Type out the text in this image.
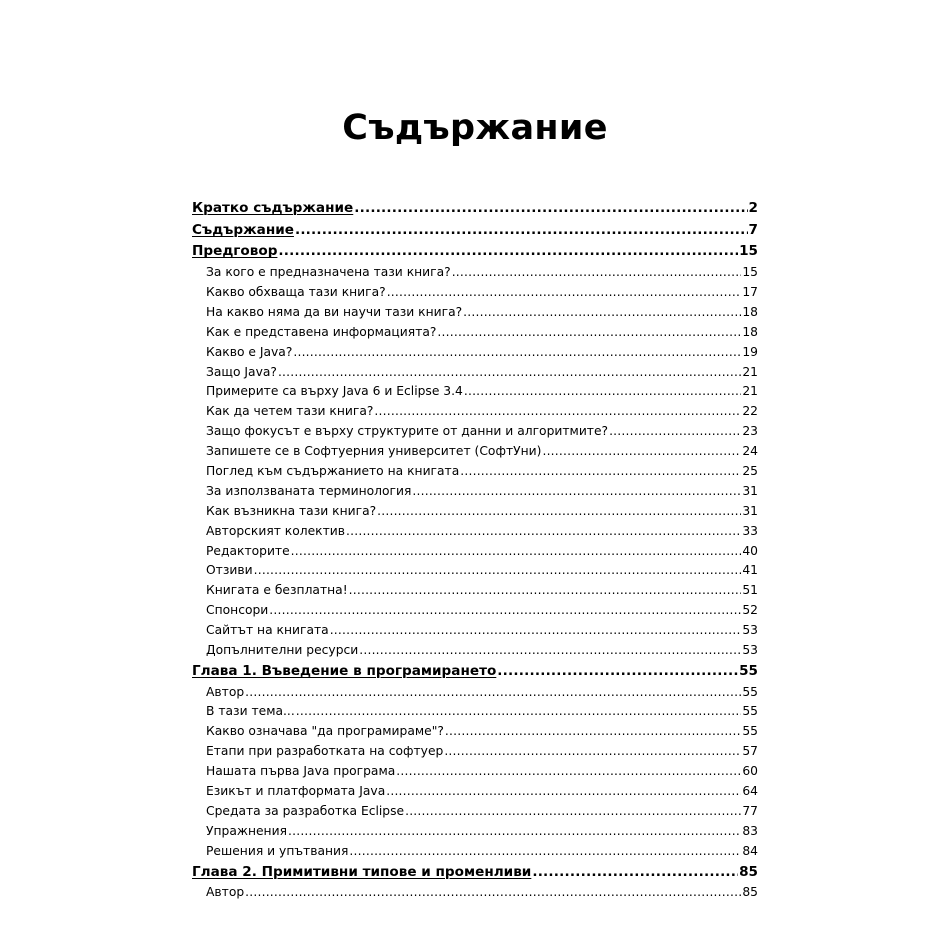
Съдържание
Кратко съдържание .....	2
Съдържание .....	7
Предговор .....	15
За кого е предназначена тази книга? .....	15
Какво обхваща тази книга? .....	17
На какво няма да ви научи тази книга? .....	18
Как е представена информацията? .....	18
Какво е Java? .....	19
Защо Java? .....	21
Примерите са върху Java 6 и Eclipse 3.4 .....	21
Как да четем тази книга? .....	22
Защо фокусът е върху структурите от данни и алгоритмите? .....	23
Запишете се в Софтуерния университет (СофтУни) .....	24
Поглед към съдържанието на книгата .....	25
За използваната терминология .....	31
Как възникна тази книга? .....	31
Авторският колектив .....	33
Редакторите .....	40
Отзиви .....	41
Книгата е безплатна! .....	51
Спонсори .....	52
Сайтът на книгата .....	53
Допълнителни ресурси .....	53
Глава 1. Въведение в програмирането .....	55
Автор .....	55
В тази тема... .....	55
Какво означава "да програмираме"? .....	55
Етапи при разработката на софтуер .....	57
Нашата първа Java програма .....	60
Езикът и платформата Java .....	64
Средата за разработка Eclipse .....	77
Упражнения .....	83
Решения и упътвания .....	84
Глава 2. Примитивни типове и променливи .....	85
Автор .....	85
